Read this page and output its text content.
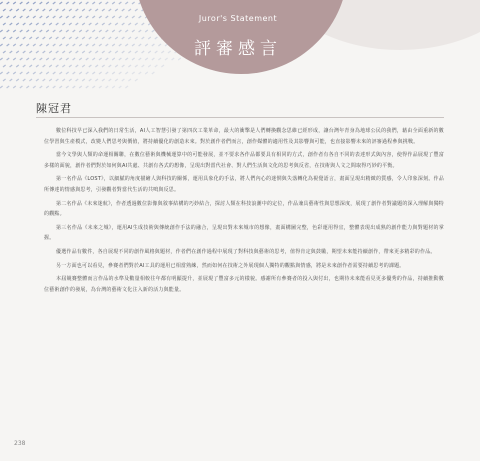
Juror's Statement
評審感言
陳冠君

數位科技早已深入我們的日常生活，AI人工智慧引發了第四次工業革命，最大的衝擊是人們轉換觀念思維已經形成，讓台灣年青身為地球公民的我們，藉由全面重新的數位學習與生產模式，改變人們思考與價值，將持續優化的創造未來。對於創作者們而言，創作媒體的適用性及其影響與可能，也直接影響未來的評審過程參與挑戰。

當今文學與人類的命運相關聯，在數位藝術與機械運算中的可能發展，並不要求各作品都要具有相同的方式，創作者有各自不同的表達形式與內容，使得作品展現了豐富多樣的面貌，創作者們對於如何與AI共處、共創有各式的想像，呈現出對當代社會、對人們生活與文化的思考與反省，在技術與人文之間取得巧妙的平衡。

第一名作品《LOST》，以細膩的角度描繪人與科技的關係，運用具象化的手法，將人們內心的迷惘與失落轉化為視覺語言，畫面呈現出精緻的質感，令人印象深刻。作品所傳達的情感與思考，引發觀者對當代生活的共鳴與反思。

第二名作品《未來迷航》，作者透過數位影像與敘事結構的巧妙結合，探討人類在科技浪潮中的定位，作品兼具藝術性與思想深度，展現了創作者對議題的深入理解與獨特的觀點。

第三名作品《未來之城》，運用AI生成技術與傳統創作手法的融合，呈現出對未來城市的想像，畫面構圖完整，色彩運用得宜，整體表現出成熟的創作能力與對題材的掌握。

優選作品有數件，各自展現不同的創作風格與題材，作者們在創作過程中展現了對科技與藝術的思考，值得肯定與鼓勵，期望未來能持續創作，帶來更多精彩的作品。

另一方面也可以看見，參賽者們對於AI工具的運用已相當熟練，然而如何在技術之外展現個人獨特的觀點與情感，將是未來創作者需要持續思考的課題。

本屆競賽整體而言作品的水準及數量相較往年都有明顯提升，並展現了豐富多元的樣貌。感謝所有參賽者的投入與付出，也期待未來能看見更多優秀的作品，持續推動數位藝術創作的發展，為台灣的藝術文化注入新的活力與能量。

238
